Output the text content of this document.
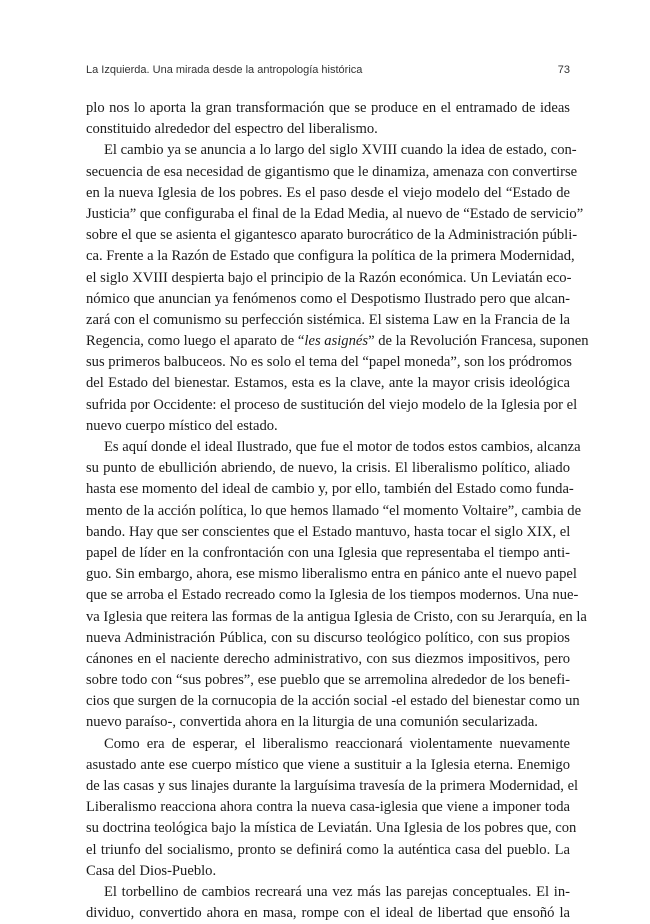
La Izquierda. Una mirada desde la antropología histórica	73
plo nos lo aporta la gran transformación que se produce en el entramado de ideas
constituido alrededor del espectro del liberalismo.
El cambio ya se anuncia a lo largo del siglo XVIII cuando la idea de estado, con-
secuencia de esa necesidad de gigantismo que le dinamiza, amenaza con convertirse
en la nueva Iglesia de los pobres. Es el paso desde el viejo modelo del “Estado de
Justicia” que configuraba el final de la Edad Media, al nuevo de “Estado de servicio”
sobre el que se asienta el gigantesco aparato burocrático de la Administración públi-
ca. Frente a la Razón de Estado que configura la política de la primera Modernidad,
el siglo XVIII despierta bajo el principio de la Razón económica. Un Leviatán eco-
nómico que anuncian ya fenómenos como el Despotismo Ilustrado pero que alcan-
zará con el comunismo su perfección sistémica. El sistema Law en la Francia de la
Regencia, como luego el aparato de “les asignés” de la Revolución Francesa, suponen
sus primeros balbuceos. No es solo el tema del “papel moneda”, son los pródromos
del Estado del bienestar. Estamos, esta es la clave, ante la mayor crisis ideológica
sufrida por Occidente: el proceso de sustitución del viejo modelo de la Iglesia por el
nuevo cuerpo místico del estado.
Es aquí donde el ideal Ilustrado, que fue el motor de todos estos cambios, alcanza
su punto de ebullición abriendo, de nuevo, la crisis. El liberalismo político, aliado
hasta ese momento del ideal de cambio y, por ello, también del Estado como funda-
mento de la acción política, lo que hemos llamado “el momento Voltaire”, cambia de
bando. Hay que ser conscientes que el Estado mantuvo, hasta tocar el siglo XIX, el
papel de líder en la confrontación con una Iglesia que representaba el tiempo anti-
guo. Sin embargo, ahora, ese mismo liberalismo entra en pánico ante el nuevo papel
que se arroba el Estado recreado como la Iglesia de los tiempos modernos. Una nue-
va Iglesia que reitera las formas de la antigua Iglesia de Cristo, con su Jerarquía, en la
nueva Administración Pública, con su discurso teológico político, con sus propios
cánones en el naciente derecho administrativo, con sus diezmos impositivos, pero
sobre todo con “sus pobres”, ese pueblo que se arremolina alrededor de los benefi-
cios que surgen de la cornucopia de la acción social -el estado del bienestar como un
nuevo paraíso-, convertida ahora en la liturgia de una comunión secularizada.
Como era de esperar, el liberalismo reaccionará violentamente nuevamente
asustado ante ese cuerpo místico que viene a sustituir a la Iglesia eterna. Enemigo
de las casas y sus linajes durante la larguísima travesía de la primera Modernidad, el
Liberalismo reacciona ahora contra la nueva casa-iglesia que viene a imponer toda
su doctrina teológica bajo la mística de Leviatán. Una Iglesia de los pobres que, con
el triunfo del socialismo, pronto se definirá como la auténtica casa del pueblo. La
Casa del Dios-Pueblo.
El torbellino de cambios recreará una vez más las parejas conceptuales. El in-
dividuo, convertido ahora en masa, rompe con el ideal de libertad que ensoñó la
